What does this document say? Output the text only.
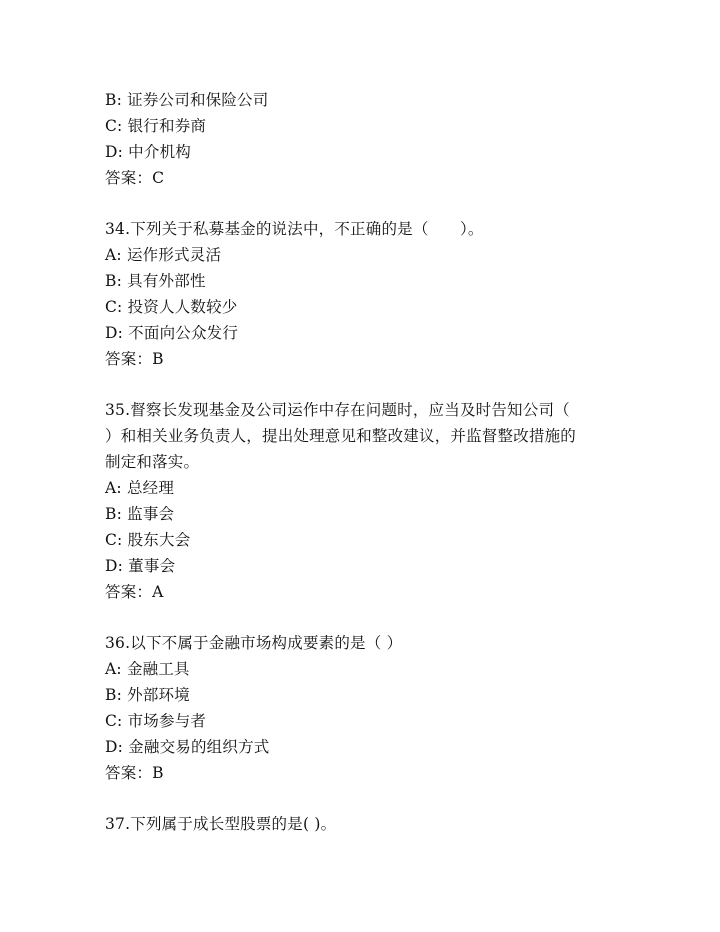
B: 证券公司和保险公司
C: 银行和券商
D: 中介机构
答案：C
34.下列关于私募基金的说法中，不正确的是（　　）。
A: 运作形式灵活
B: 具有外部性
C: 投资人人数较少
D: 不面向公众发行
答案：B
35.督察长发现基金及公司运作中存在问题时，应当及时告知公司（
）和相关业务负责人，提出处理意见和整改建议，并监督整改措施的
制定和落实。
A: 总经理
B: 监事会
C: 股东大会
D: 董事会
答案：A
36.以下不属于金融市场构成要素的是（ ）
A: 金融工具
B: 外部环境
C: 市场参与者
D: 金融交易的组织方式
答案：B
37.下列属于成长型股票的是( )。
